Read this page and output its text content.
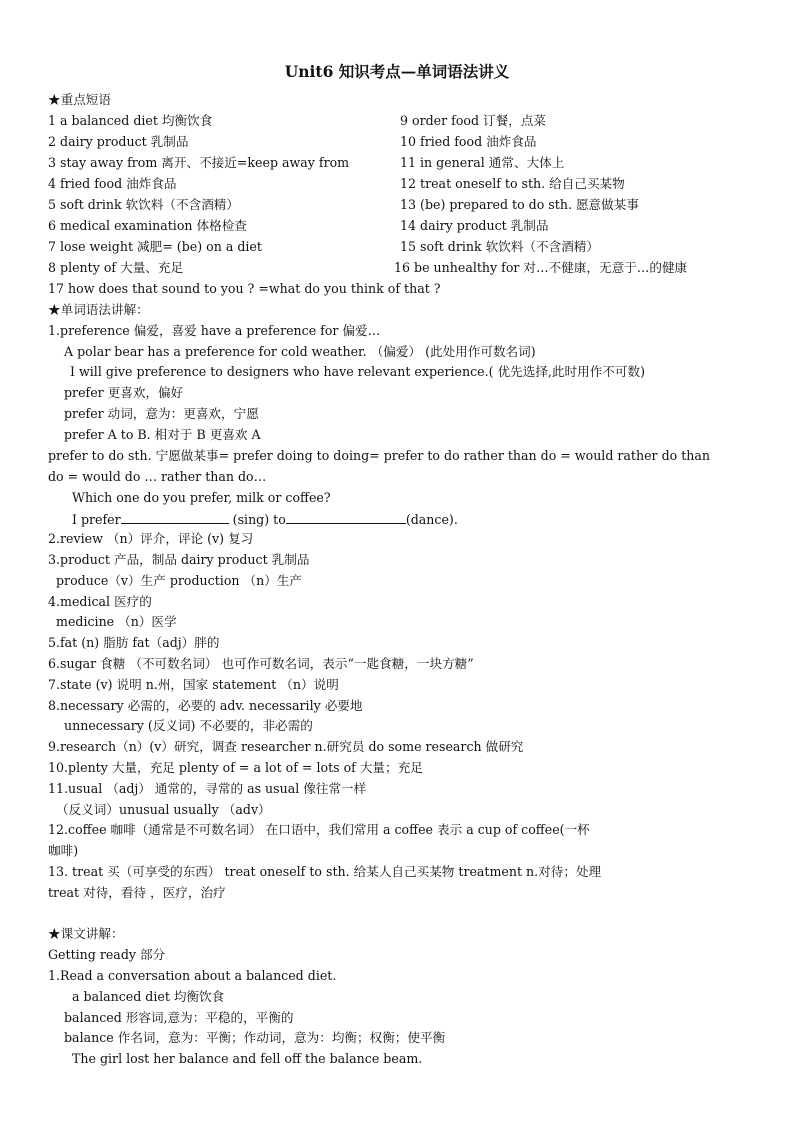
Unit6 知识考点—单词语法讲义
★重点短语
1 a balanced diet 均衡饮食
2 dairy product 乳制品
3 stay away from 离开、不接近=keep away from
4 fried food 油炸食品
5 soft drink 软饮料（不含酒精）
6 medical examination 体格检查
7 lose weight 减肥= (be) on a diet
8 plenty of 大量、充足
9 order food 订餐，点菜
10 fried food 油炸食品
11 in general 通常、大体上
12 treat oneself to sth. 给自己买某物
13 (be) prepared to do sth. 愿意做某事
14 dairy product 乳制品
15 soft drink 软饮料（不含酒精）
16 be unhealthy for 对…不健康，无意于…的健康
17 how does that sound to you ? =what do you think of that ?
★单词语法讲解：
1.preference 偏爱，喜爱 have a preference for 偏爱…
A polar bear has a preference for cold weather. （偏爱） (此处用作可数名词)
I will give preference to designers who have relevant experience.( 优先选择,此时用作不可数)
prefer 更喜欢，偏好
prefer 动词，意为：更喜欢，宁愿
prefer A to B. 相对于 B 更喜欢 A
prefer to do sth. 宁愿做某事= prefer doing to doing= prefer to do rather than do = would rather do than
do = would do … rather than do…
Which one do you prefer, milk or coffee?
I prefer	(sing) to	(dance).
2.review （n）评介，评论 (v) 复习
3.product 产品，制品 dairy product 乳制品
produce（v）生产 production （n）生产
4.medical 医疗的
medicine （n）医学
5.fat (n) 脂肪 fat（adj）胖的
6.sugar 食糖 （不可数名词） 也可作可数名词，表示“一匙食糖，一块方糖”
7.state (v) 说明 n.州，国家 statement （n）说明
8.necessary 必需的，必要的 adv. necessarily 必要地
unnecessary (反义词) 不必要的，非必需的
9.research（n）(v）研究，调查 researcher n.研究员 do some research 做研究
10.plenty 大量，充足 plenty of = a lot of = lots of 大量；充足
11.usual （adj） 通常的，寻常的 as usual 像往常一样
（反义词）unusual usually （adv）
12.coffee 咖啡（通常是不可数名词） 在口语中，我们常用 a coffee 表示 a cup of coffee(一杯
咖啡)
13. treat 买（可享受的东西） treat oneself to sth. 给某人自己买某物 treatment n.对待；处理
treat 对待，看待 ，医疗，治疗
★课文讲解：
Getting ready 部分
1.Read a conversation about a balanced diet.
a balanced diet 均衡饮食
balanced 形容词,意为：平稳的，平衡的
balance 作名词，意为：平衡；作动词，意为：均衡；权衡；使平衡
The girl lost her balance and fell off the balance beam.
